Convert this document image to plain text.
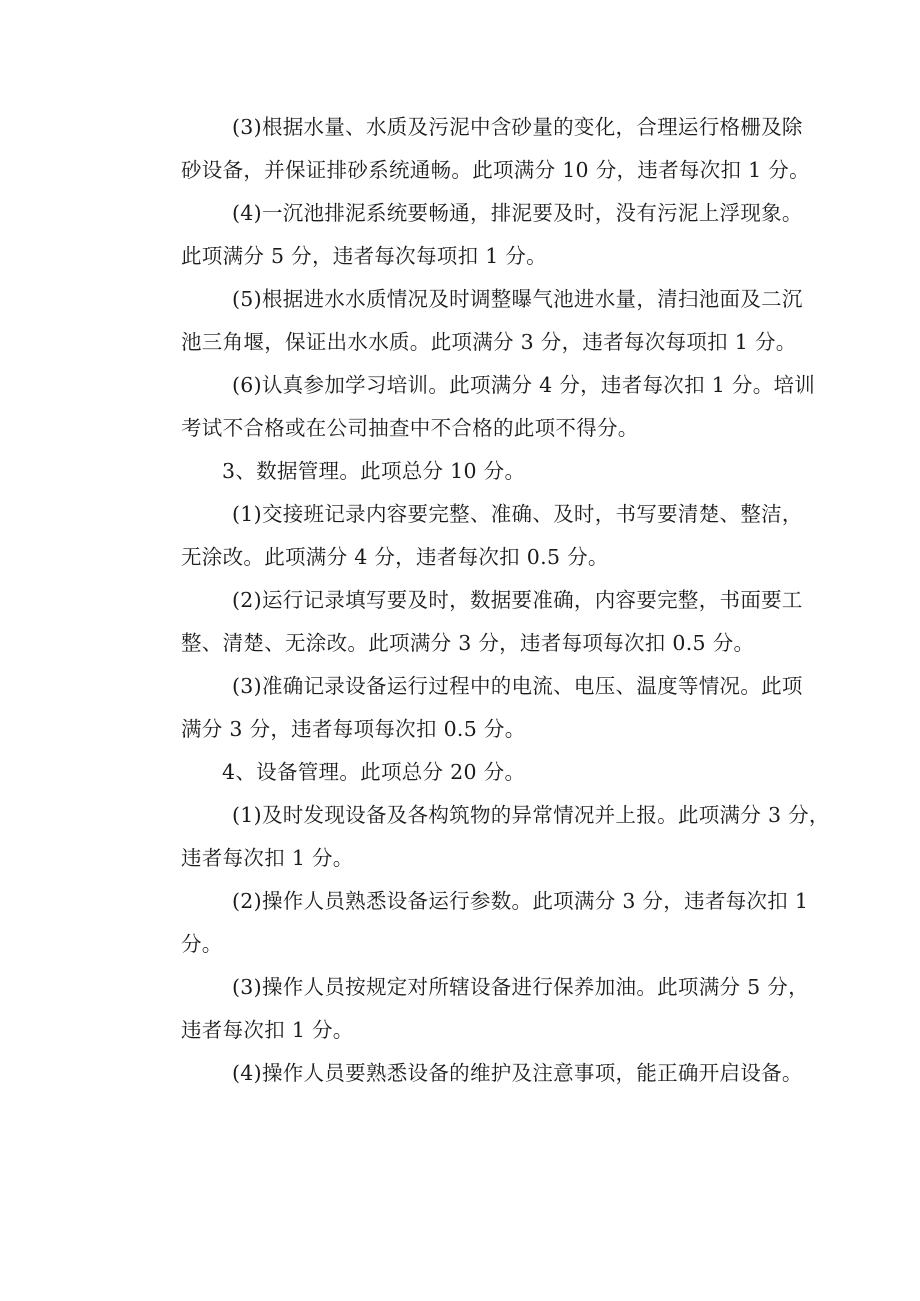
(3)根据水量、水质及污泥中含砂量的变化，合理运行格栅及除
砂设备，并保证排砂系统通畅。此项满分 10 分，违者每次扣 1 分。

(4)一沉池排泥系统要畅通，排泥要及时，没有污泥上浮现象。
此项满分 5 分，违者每次每项扣 1 分。

(5)根据进水水质情况及时调整曝气池进水量，清扫池面及二沉
池三角堰，保证出水水质。此项满分 3 分，违者每次每项扣 1 分。

(6)认真参加学习培训。此项满分 4 分，违者每次扣 1 分。培训
考试不合格或在公司抽查中不合格的此项不得分。

3、数据管理。此项总分 10 分。

(1)交接班记录内容要完整、准确、及时，书写要清楚、整洁，
无涂改。此项满分 4 分，违者每次扣 0.5 分。

(2)运行记录填写要及时，数据要准确，内容要完整，书面要工
整、清楚、无涂改。此项满分 3 分，违者每项每次扣 0.5 分。

(3)准确记录设备运行过程中的电流、电压、温度等情况。此项
满分 3 分，违者每项每次扣 0.5 分。

4、设备管理。此项总分 20 分。

(1)及时发现设备及各构筑物的异常情况并上报。此项满分 3 分，
违者每次扣 1 分。

(2)操作人员熟悉设备运行参数。此项满分 3 分，违者每次扣 1
分。

(3)操作人员按规定对所辖设备进行保养加油。此项满分 5 分，
违者每次扣 1 分。

(4)操作人员要熟悉设备的维护及注意事项，能正确开启设备。
